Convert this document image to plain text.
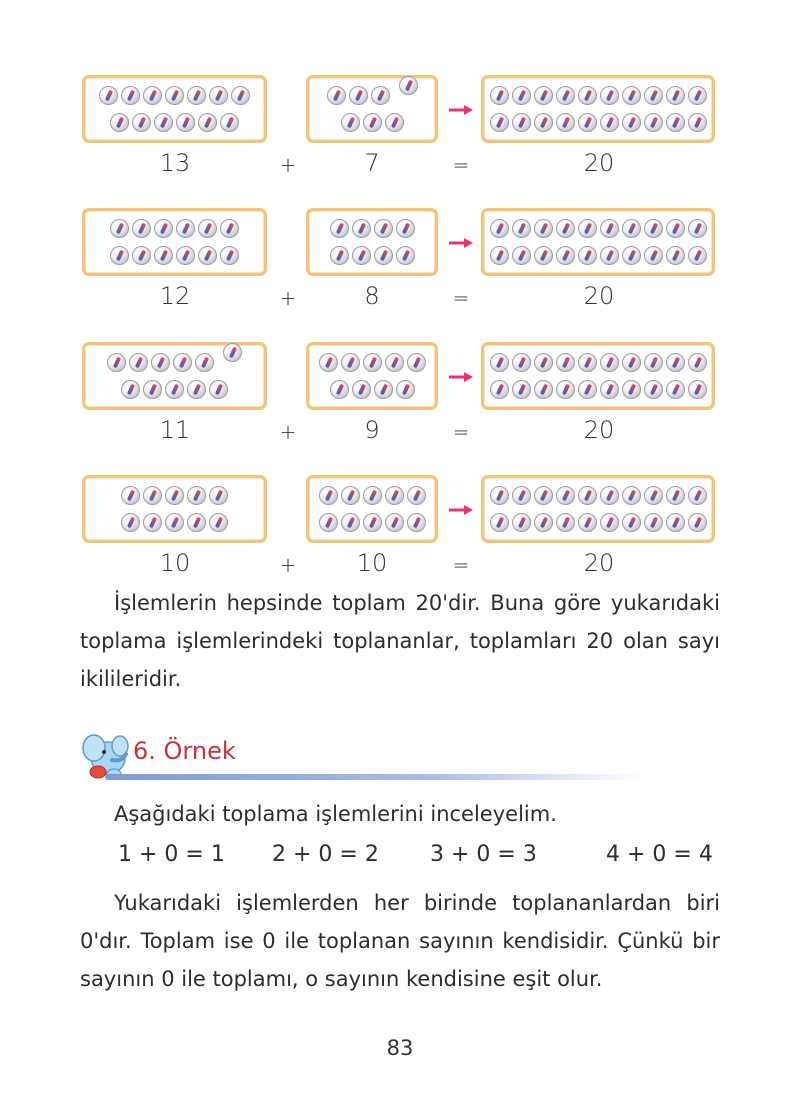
13	+	7	=	20
12	+	8	=	20
11	+	9	=	20
10	+	10	=	20
İşlemlerin hepsinde toplam 20'dir. Buna göre yukarıdaki toplama işlemlerindeki toplananlar, toplamları 20 olan sayı ikilileridir.
6. Örnek
Aşağıdaki toplama işlemlerini inceleyelim.
1 + 0 = 1 2 + 0 = 2 3 + 0 = 3	4 + 0 = 4
Yukarıdaki işlemlerden her birinde toplananlardan biri 0'dır. Toplam ise 0 ile toplanan sayının kendisidir. Çünkü bir sayının 0 ile toplamı, o sayının kendisine eşit olur.
83
